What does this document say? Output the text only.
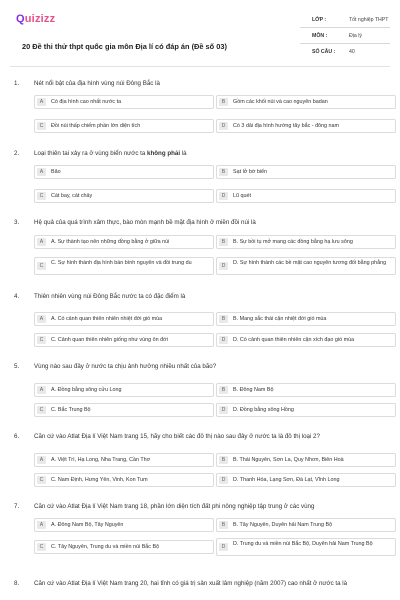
Quizizz
20 Đề thi thử thpt quốc gia môn Địa lí có đáp án (Đề số 03)
LỚP :	Tốt nghiệp THPT
MÔN :	Địa lý
SỐ CÂU :	40
1. Nét nổi bật của địa hình vùng núi Đông Bắc là
A	Có địa hình cao nhất nước ta	B	Gồm các khối núi và cao nguyên badan
C	Đồi núi thấp chiếm phần lớn diện tích	D	Có 3 dải địa hình hướng tây bắc - đông nam
2. Loại thiên tai xảy ra ở vùng biển nước ta không phải là
A	Bão	B	Sạt lở bờ biển
C	Cát bay, cát chảy	D	Lũ quét
3. Hệ quả của quá trình xâm thực, bào mòn mạnh bề mặt địa hình ở miền đồi núi là
A	A. Sự thành tạo nên những đồng bằng ở giữa núi	B	B. Sự bồi tụ mở mang các đồng bằng hạ lưu sông
C	C. Sự hình thành địa hình bán bình nguyên và đồi trung du	D	D. Sự hình thành các bề mặt cao nguyên tương đối bằng phẳng
4. Thiên nhiên vùng núi Đông Bắc nước ta có đặc điểm là
A	A. Có cảnh quan thiên nhiên nhiệt đới gió mùa	B	B. Mang sắc thái cận nhiệt đới gió mùa
C	C. Cảnh quan thiên nhiên giống như vùng ôn đới	D	D. Có cảnh quan thiên nhiên cận xích đạo gió mùa
5. Vùng nào sau đây ở nước ta chịu ảnh hưởng nhiều nhất của bão?
A	A. Đồng bằng sông cửu Long	B	B. Đông Nam Bộ
C	C. Bắc Trung Bộ	D	D. Đồng bằng sông Hồng
6. Căn cứ vào Atlat Địa lí Việt Nam trang 15, hãy cho biết các đô thị nào sau đây ở nước ta là đô thị loại 2?
A	A. Việt Trì, Hạ Long, Nha Trang, Cần Thơ	B	B. Thái Nguyên, Sơn La, Quy Nhơn, Biên Hoà
C	C. Nam Định, Hưng Yên, Vinh, Kon Tum	D	D. Thanh Hóa, Lạng Sơn, Đà Lạt, Vĩnh Long
7. Căn cứ vào Atlat Địa lí Việt Nam trang 18, phần lớn diện tích đất phi nông nghiệp tập trung ở các vùng
A	A. Đông Nam Bộ, Tây Nguyên	B	B. Tây Nguyên, Duyên hải Nam Trung Bộ
C	C. Tây Nguyên, Trung du và miền núi Bắc Bộ	D	D. Trung du và miền núi Bắc Bộ, Duyên hải Nam Trung Bộ
8. Căn cứ vào Atlat Địa lí Việt Nam trang 20, hai tỉnh có giá trị sản xuất lâm nghiệp (năm 2007) cao nhất ở nước ta là
